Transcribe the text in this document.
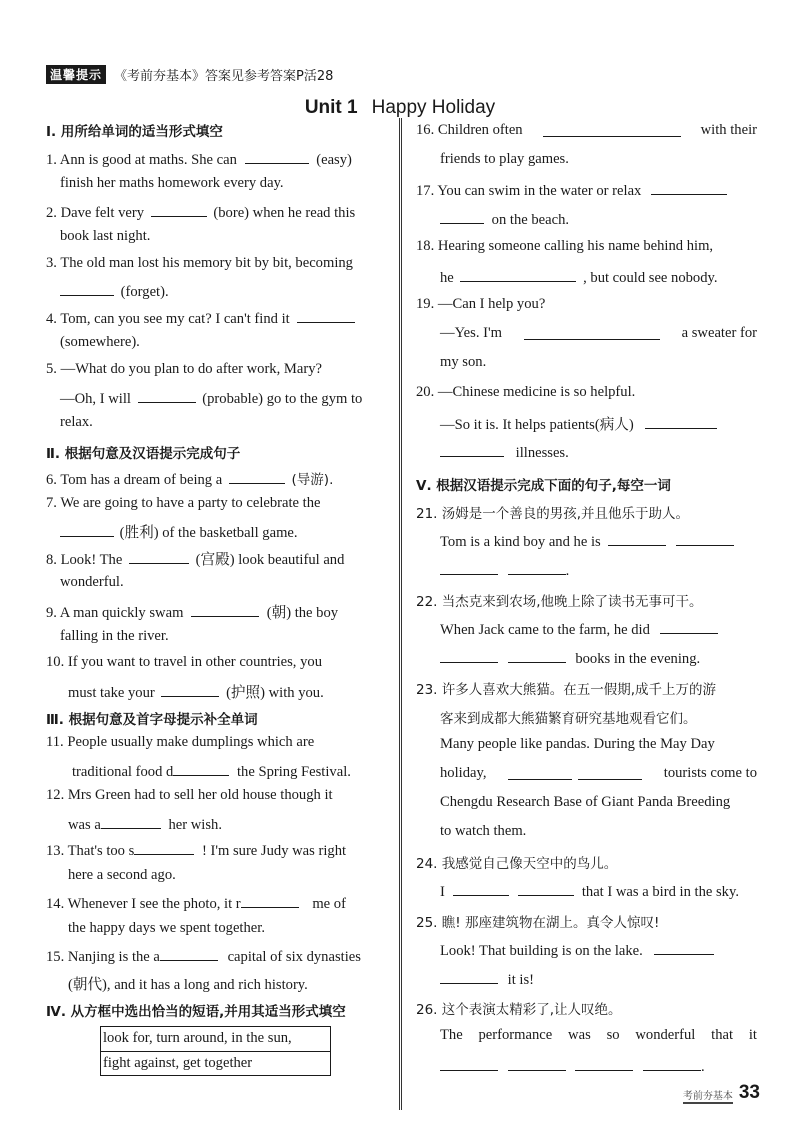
温馨提示 《考前夯基本》答案见参考答案P活28
Unit 1 Happy Holiday
Ⅰ. 用所给单词的适当形式填空
1. Ann is good at maths. She can	(easy)
finish her maths homework every day.
2. Dave felt very	(bore) when he read this
book last night.
3. The old man lost his memory bit by bit, becoming
(forget).
4. Tom, can you see my cat? I can't find it
(somewhere).
5. —What do you plan to do after work, Mary?
—Oh, I will	(probable) go to the gym to
relax.
Ⅱ. 根据句意及汉语提示完成句子
6. Tom has a dream of being a	(导游).
7. We are going to have a party to celebrate the
(胜利) of the basketball game.
8. Look! The	(宫殿) look beautiful and
wonderful.
9. A man quickly swam	(朝) the boy
falling in the river.
10. If you want to travel in other countries, you
must take your	(护照) with you.
Ⅲ. 根据句意及首字母提示补全单词
11. People usually make dumplings which are
traditional food d	the Spring Festival.
12. Mrs Green had to sell her old house though it
was a	her wish.
13. That's too s	! I'm sure Judy was right
here a second ago.
14. Whenever I see the photo, it r	me of
the happy days we spent together.
15. Nanjing is the a	capital of six dynasties
(朝代), and it has a long and rich history.
Ⅳ. 从方框中选出恰当的短语,并用其适当形式填空
look for, turn around, in the sun,
fight against, get together
16. Children often	with their
friends to play games.
17. You can swim in the water or relax
on the beach.
18. Hearing someone calling his name behind him,
he	, but could see nobody.
19. —Can I help you?
—Yes. I'm	a sweater for
my son.
20. —Chinese medicine is so helpful.
—So it is. It helps patients(病人)
illnesses.
Ⅴ. 根据汉语提示完成下面的句子,每空一词
21. 汤姆是一个善良的男孩,并且他乐于助人。
Tom is a kind boy and he is
.
22. 当杰克来到农场,他晚上除了读书无事可干。
When Jack came to the farm, he did
books in the evening.
23. 许多人喜欢大熊猫。在五一假期,成千上万的游
客来到成都大熊猫繁育研究基地观看它们。
Many people like pandas. During the May Day
holiday,	tourists come to
Chengdu Research Base of Giant Panda Breeding
to watch them.
24. 我感觉自己像天空中的鸟儿。
I	that I was a bird in the sky.
25. 瞧! 那座建筑物在湖上。真令人惊叹!
Look! That building is on the lake.
it is!
26. 这个表演太精彩了,让人叹绝。
The performance was so wonderful that it
.
考前夯基本 33
